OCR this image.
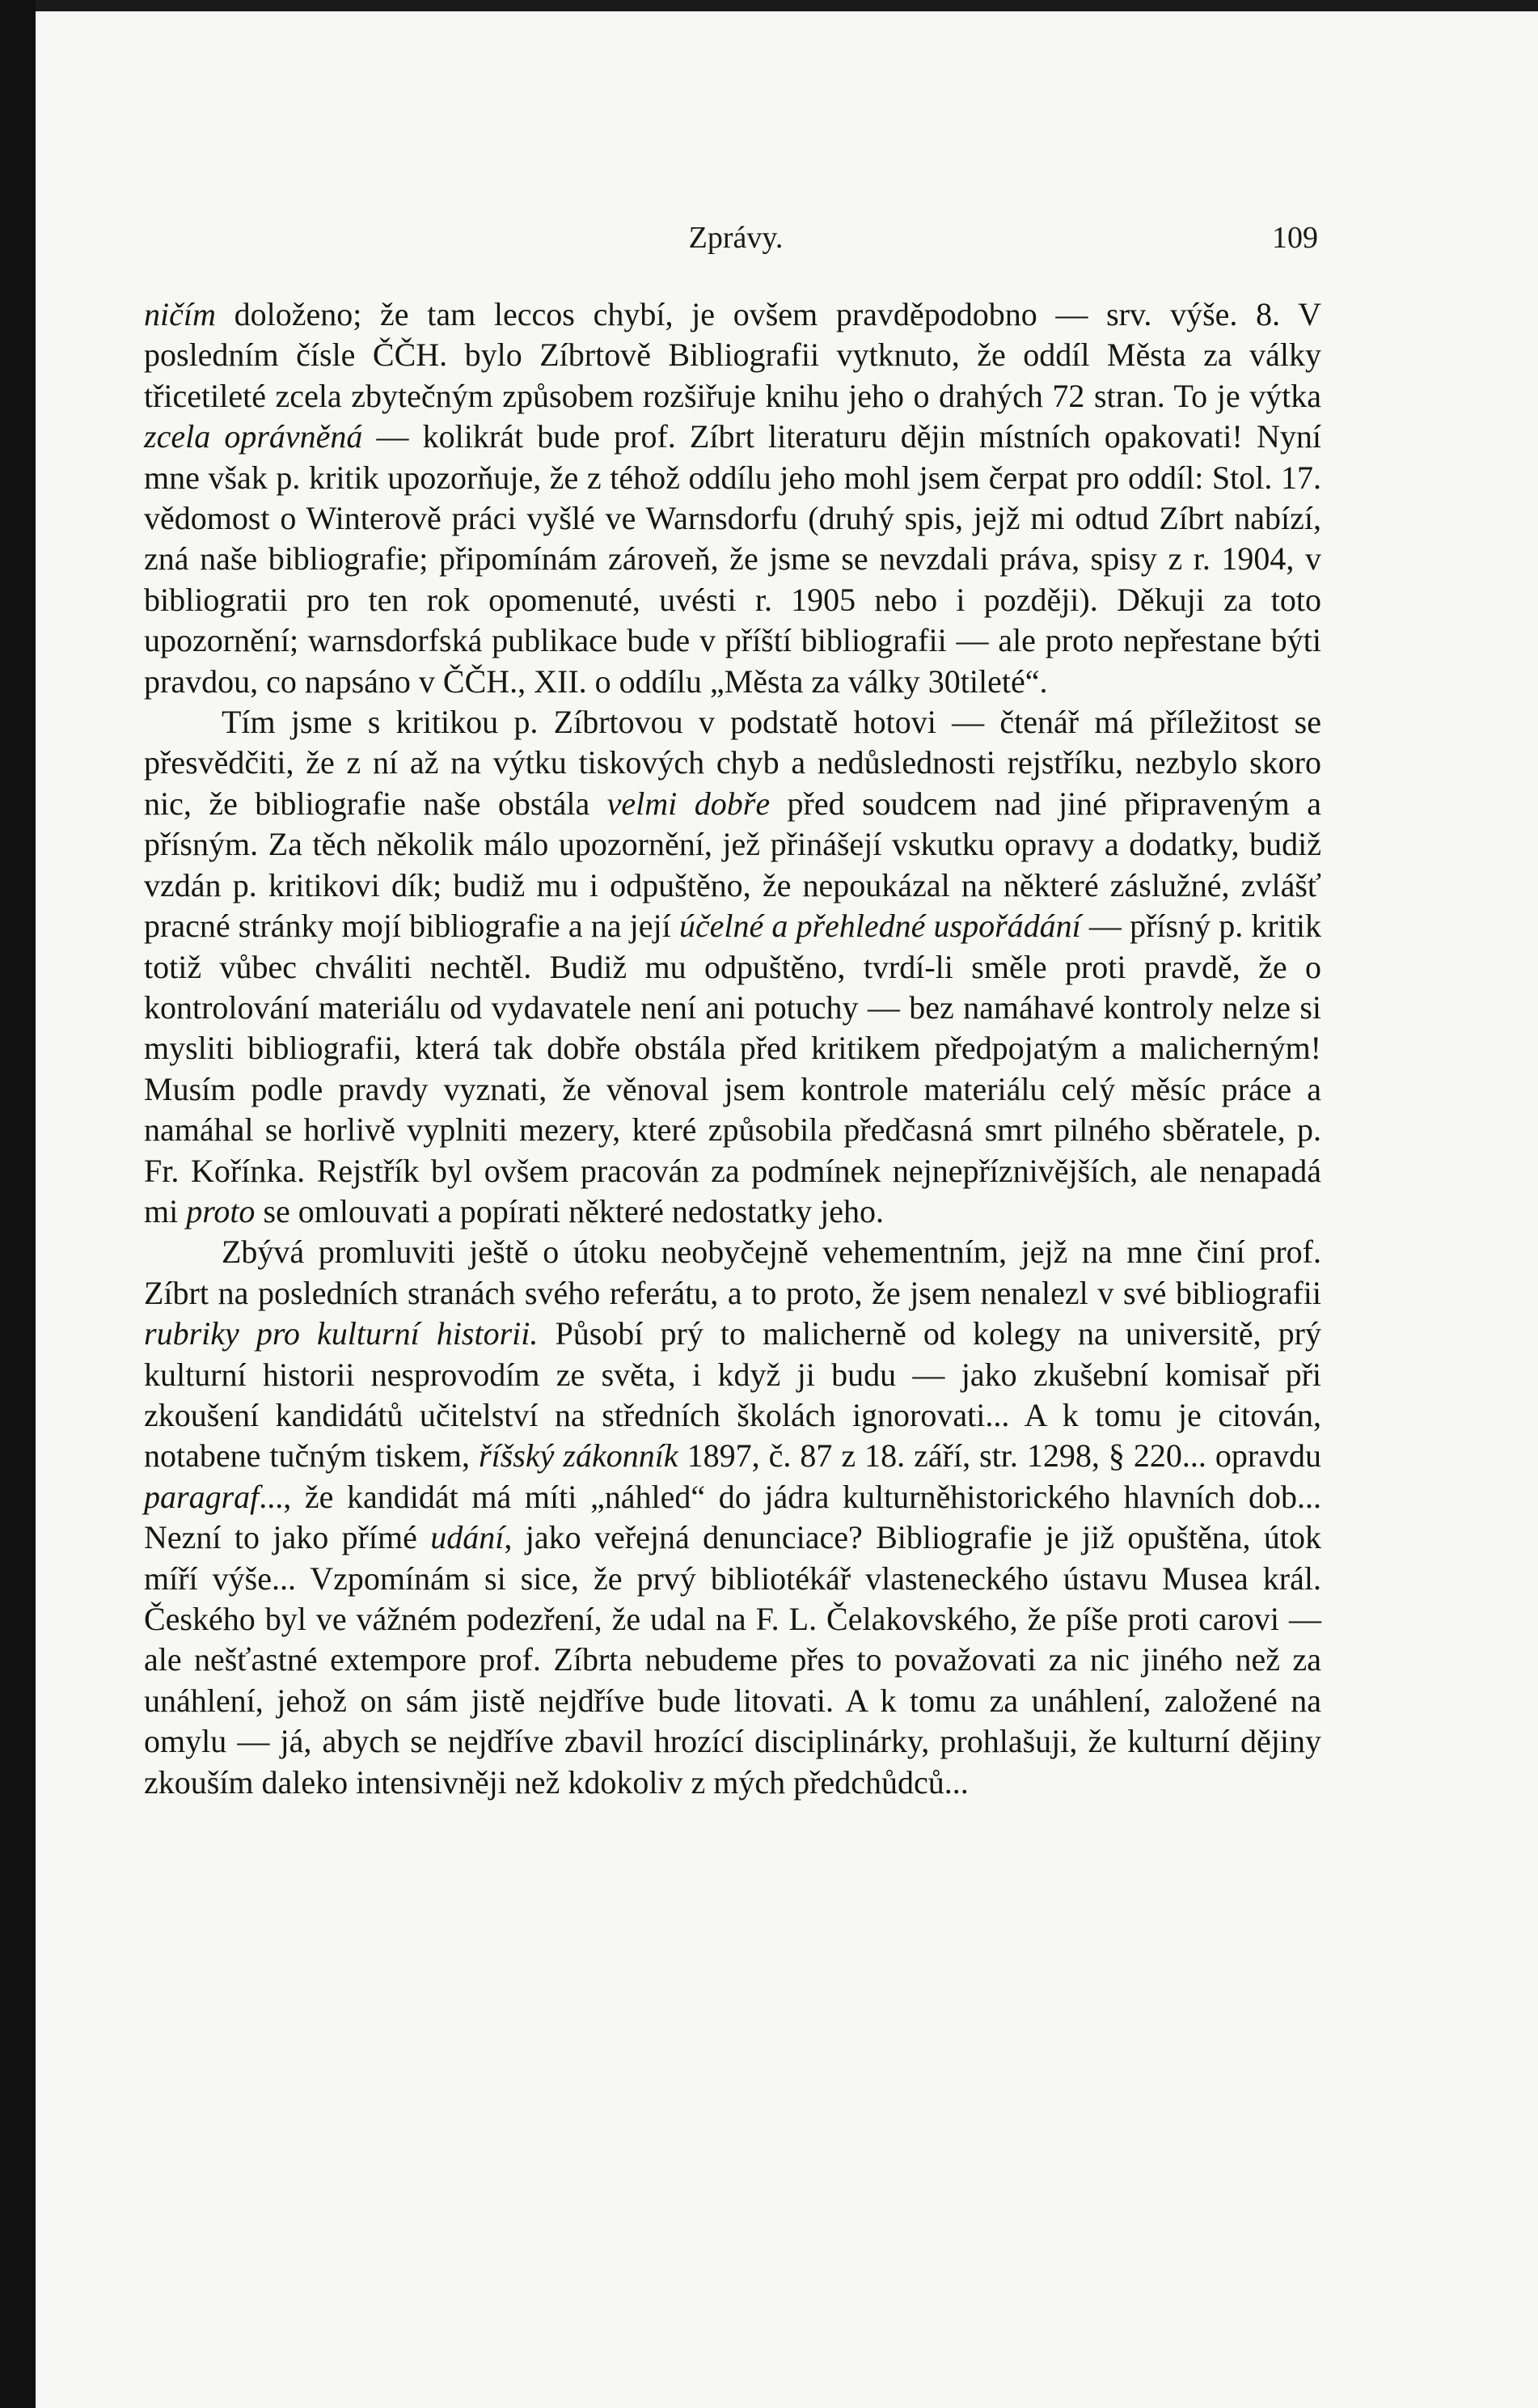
Zprávy.	109

ničím doloženo; že tam leccos chybí, je ovšem pravděpodobno — srv. výše. 8. V posledním čísle ČČH. bylo Zíbrtově Bibliografii vytknuto, že oddíl Města za války třicetileté zcela zbytečným způsobem rozšiřuje knihu jeho o drahých 72 stran. To je výtka zcela oprávněná — kolikrát bude prof. Zíbrt literaturu dějin místních opakovati! Nyní mne však p. kritik upozorňuje, že z téhož oddílu jeho mohl jsem čerpat pro oddíl: Stol. 17. vědomost o Winterově práci vyšlé ve Warnsdorfu (druhý spis, jejž mi odtud Zíbrt nabízí, zná naše bibliografie; připomínám zároveň, že jsme se nevzdali práva, spisy z r. 1904, v bibliogratii pro ten rok opomenuté, uvésti r. 1905 nebo i později). Děkuji za toto upozornění; warnsdorfská publikace bude v příští bibliografii — ale proto nepřestane býti pravdou, co napsáno v ČČH., XII. o oddílu „Města za války 30tileté“.

Tím jsme s kritikou p. Zíbrtovou v podstatě hotovi — čtenář má příležitost se přesvědčiti, že z ní až na výtku tiskových chyb a nedůslednosti rejstříku, nezbylo skoro nic, že bibliografie naše obstála velmi dobře před soudcem nad jiné připraveným a přísným. Za těch několik málo upozornění, jež přinášejí vskutku opravy a dodatky, budiž vzdán p. kritikovi dík; budiž mu i odpuštěno, že nepoukázal na některé záslužné, zvlášť pracné stránky mojí bibliografie a na její účelné a přehledné uspořádání — přísný p. kritik totiž vůbec chváliti nechtěl. Budiž mu odpuštěno, tvrdí-li směle proti pravdě, že o kontrolování materiálu od vydavatele není ani potuchy — bez namáhavé kontroly nelze si mysliti bibliografii, která tak dobře obstála před kritikem předpojatým a malicherným! Musím podle pravdy vyznati, že věnoval jsem kontrole materiálu celý měsíc práce a namáhal se horlivě vyplniti mezery, které způsobila předčasná smrt pilného sběratele, p. Fr. Kořínka. Rejstřík byl ovšem pracován za podmínek nejnepříznivějších, ale nenapadá mi proto se omlouvati a popírati některé nedostatky jeho.

Zbývá promluviti ještě o útoku neobyčejně vehementním, jejž na mne činí prof. Zíbrt na posledních stranách svého referátu, a to proto, že jsem nenalezl v své bibliografii rubriky pro kulturní historii. Působí prý to malicherně od kolegy na universitě, prý kulturní historii nesprovodím ze světa, i když ji budu — jako zkušební komisař při zkoušení kandidátů učitelství na středních školách ignorovati... A k tomu je citován, notabene tučným tiskem, říšský zákonník 1897, č. 87 z 18. září, str. 1298, § 220... opravdu paragraf..., že kandidát má míti „náhled“ do jádra kulturněhistorického hlavních dob... Nezní to jako přímé udání, jako veřejná denunciace? Bibliografie je již opuštěna, útok míří výše... Vzpomínám si sice, že prvý bibliotékář vlasteneckého ústavu Musea král. Českého byl ve vážném podezření, že udal na F. L. Čelakovského, že píše proti carovi — ale nešťastné extempore prof. Zíbrta nebudeme přes to považovati za nic jiného než za unáhlení, jehož on sám jistě nejdříve bude litovati. A k tomu za unáhlení, založené na omylu — já, abych se nejdříve zbavil hrozící disciplinárky, prohlašuji, že kulturní dějiny zkouším daleko intensivněji než kdokoliv z mých předchůdců...
